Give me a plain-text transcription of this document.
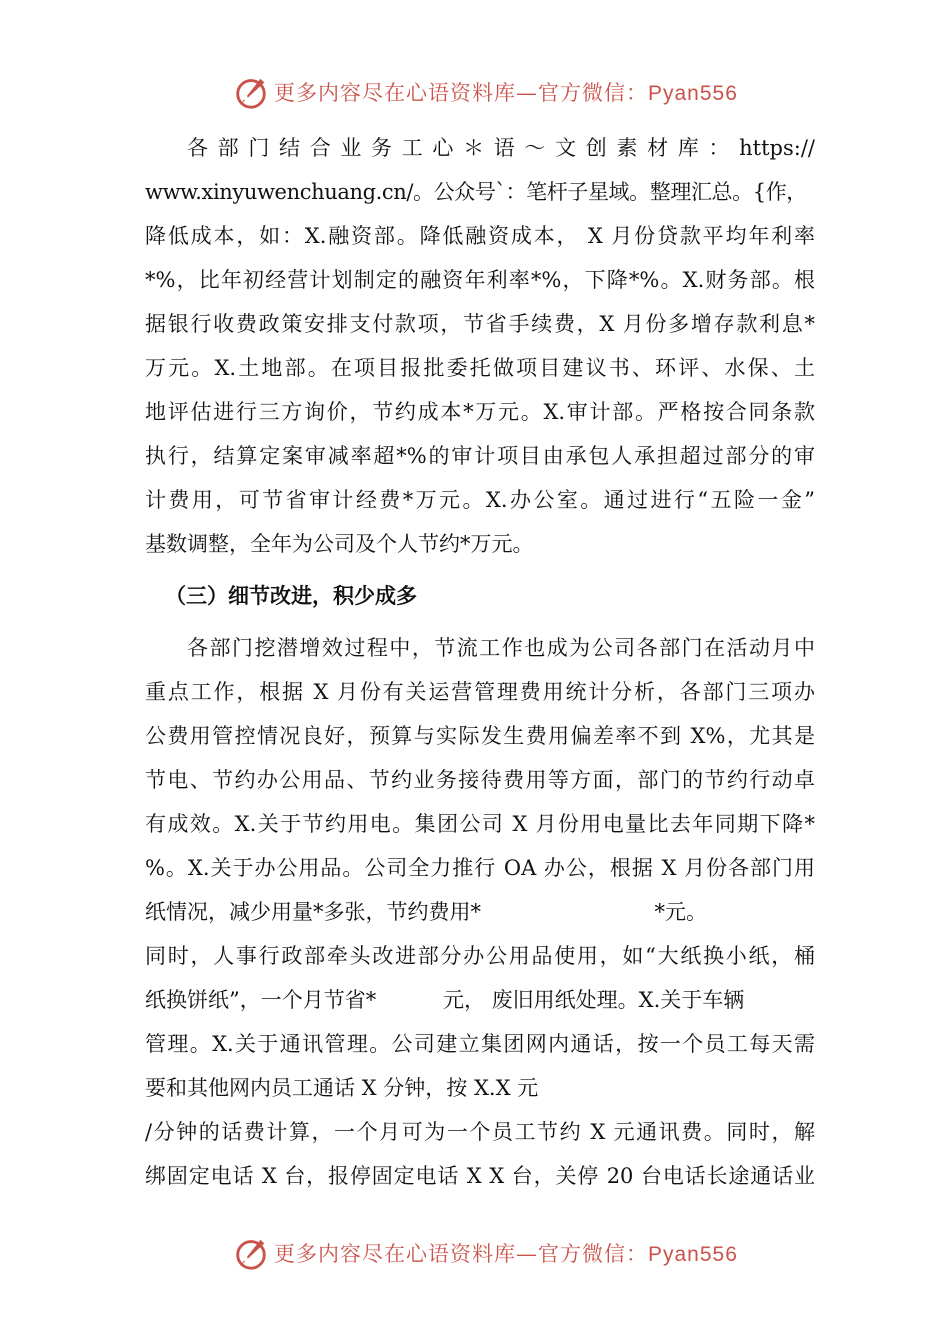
更多内容尽在心语资料库—官方微信：Pyan556
各部门结合业务工心＊语～文创素材库：https://
www.xinyuwenchuang.cn/。公众号`：笔杆子星域。整理汇总。{作，
降低成本，如：X.融资部。降低融资成本， X 月份贷款平均年利率
*%，比年初经营计划制定的融资年利率*%，下降*%。X.财务部。根
据银行收费政策安排支付款项，节省手续费，X 月份多增存款利息*
万元。X.土地部。在项目报批委托做项目建议书、环评、水保、土
地评估进行三方询价，节约成本*万元。X.审计部。严格按合同条款
执行，结算定案审减率超*%的审计项目由承包人承担超过部分的审
计费用，可节省审计经费*万元。X.办公室。通过进行“五险一金”
基数调整，全年为公司及个人节约*万元。
（三）细节改进，积少成多
各部门挖潜增效过程中，节流工作也成为公司各部门在活动月中
重点工作，根据 X 月份有关运营管理费用统计分析，各部门三项办
公费用管控情况良好，预算与实际发生费用偏差率不到 X%，尤其是
节电、节约办公用品、节约业务接待费用等方面，部门的节约行动卓
有成效。X.关于节约用电。集团公司 X 月份用电量比去年同期下降*
%。X.关于办公用品。公司全力推行 OA 办公，根据 X 月份各部门用
纸情况，减少用量*多张，节约费用*                          *元。
同时，人事行政部牵头改进部分办公用品使用，如“大纸换小纸，桶
纸换饼纸”，一个月节省*          元， 废旧用纸处理。X.关于车辆
管理。X.关于通讯管理。公司建立集团网内通话，按一个员工每天需
要和其他网内员工通话 X 分钟，按 X.X 元
/分钟的话费计算，一个月可为一个员工节约 X 元通讯费。同时，解
绑固定电话 X 台，报停固定电话 X X 台，关停 20 台电话长途通话业
更多内容尽在心语资料库—官方微信：Pyan556
